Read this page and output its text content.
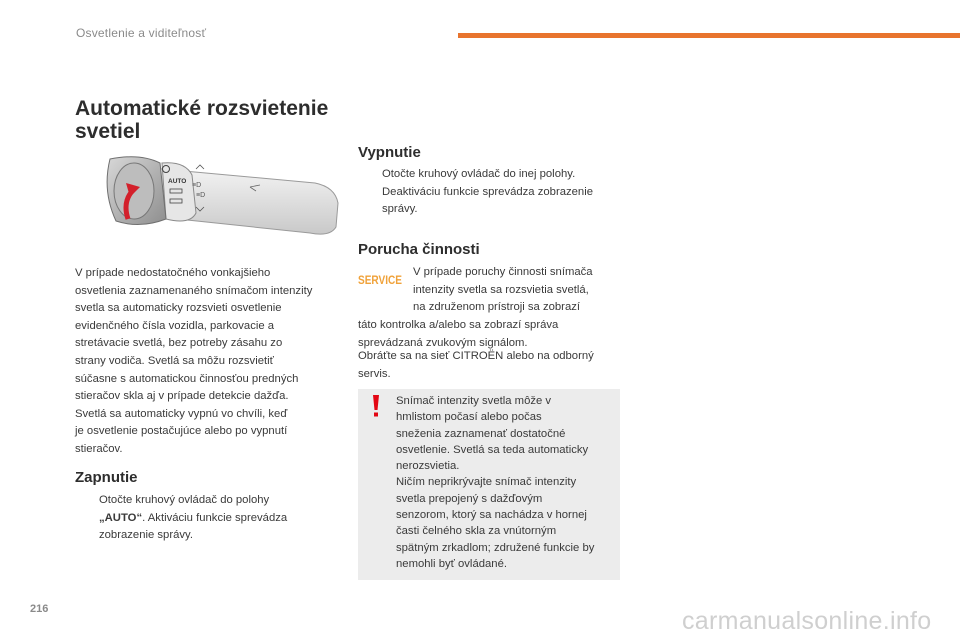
Osvetlenie a viditeľnosť
Automatické rozsvietenie
svetiel
AUTO
≡D
≡D
V prípade nedostatočného vonkajšieho
osvetlenia zaznamenaného snímačom intenzity
svetla sa automaticky rozsvieti osvetlenie
evidenčného čísla vozidla, parkovacie a
stretávacie svetlá, bez potreby zásahu zo
strany vodiča. Svetlá sa môžu rozsvietiť
súčasne s automatickou činnosťou predných
stieračov skla aj v prípade detekcie dažďa.
Svetlá sa automaticky vypnú vo chvíli, keď
je osvetlenie postačujúce alebo po vypnutí
stieračov.
Zapnutie
Otočte kruhový ovládač do polohy
„AUTO“. Aktiváciu funkcie sprevádza
zobrazenie správy.
Vypnutie
Otočte kruhový ovládač do inej polohy.
Deaktiváciu funkcie sprevádza zobrazenie
správy.
Porucha činnosti
SERVICE
V prípade poruchy činnosti snímača
intenzity svetla sa rozsvietia svetlá,
na združenom prístroji sa zobrazí
táto kontrolka a/alebo sa zobrazí správa
sprevádzaná zvukovým signálom.
Obráťte sa na sieť CITROËN alebo na odborný
servis.
Snímač intenzity svetla môže v
hmlistom počasí alebo počas
sneženia zaznamenať dostatočné
osvetlenie. Svetlá sa teda automaticky
nerozsvietia.
Ničím neprikrývajte snímač intenzity
svetla prepojený s dažďovým
senzorom, ktorý sa nachádza v hornej
časti čelného skla za vnútorným
spätným zrkadlom; združené funkcie by
nemohli byť ovládané.
216	carmanualsonline.info
